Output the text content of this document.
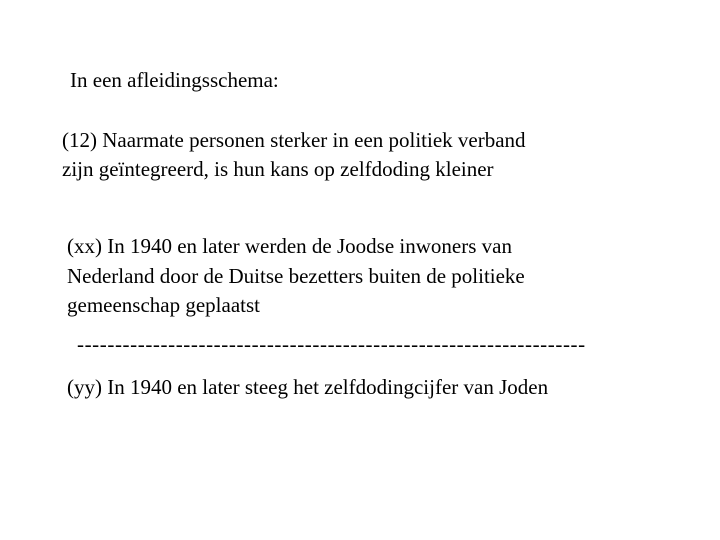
In een afleidingsschema:
(12) Naarmate personen sterker in een politiek verband
zijn geïntegreerd, is hun kans op zelfdoding kleiner
(xx) In 1940 en later werden de Joodse inwoners van
Nederland door de Duitse bezetters buiten de politieke
gemeenschap geplaatst
-------------------------------------------------------------------
(yy) In 1940 en later steeg het zelfdodingcijfer van Joden
